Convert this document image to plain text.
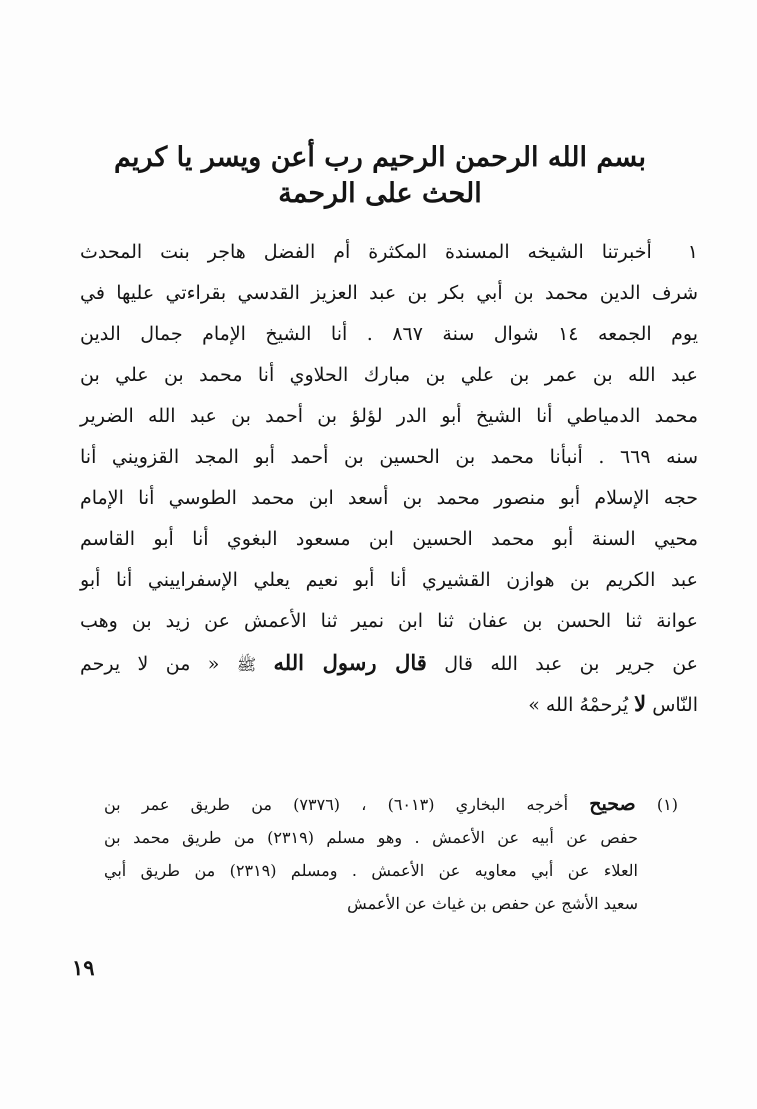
بسم الله الرحمن الرحيم رب أعن ويسر يا كريم
الحث على الرحمة
١أخبرتنا الشيخه المسندة المكثرة أم الفضل هاجر بنت المحدث
شرف الدين محمد بن أبي بكر بن عبد العزيز القدسي بقراءتي عليها في
يوم الجمعه ١٤ شوال سنة ٨٦٧ . أنا الشيخ الإمام جمال الدين
عبد الله بن عمر بن علي بن مبارك الحلاوي أنا محمد بن علي بن
محمد الدمياطي أنا الشيخ أبو الدر لؤلؤ بن أحمد بن عبد الله الضرير
سنه ٦٦٩ . أنبأنا محمد بن الحسين بن أحمد أبو المجد القزويني أنا
حجه الإسلام أبو منصور محمد بن أسعد ابن محمد الطوسي أنا الإمام
محيي السنة أبو محمد الحسين ابن مسعود البغوي أنا أبو القاسم
عبد الكريم بن هوازن القشيري أنا أبو نعيم يعلي الإسفراييني أنا أبو
عوانة ثنا الحسن بن عفان ثنا ابن نمير ثنا الأعمش عن زيد بن وهب
عن جرير بن عبد الله قال قال رسول الله ﷺ « من لا يرحم
النّاس لا يُرحمْهُ الله »
(١) صحيح أخرجه البخاري (٦٠١٣) ، (٧٣٧٦) من طريق عمر بن
حفص عن أبيه عن الأعمش . وهو مسلم (٢٣١٩) من طريق محمد بن
العلاء عن أبي معاويه عن الأعمش . ومسلم (٢٣١٩) من طريق أبي
سعيد الأشج عن حفص بن غياث عن الأعمش
١٩
